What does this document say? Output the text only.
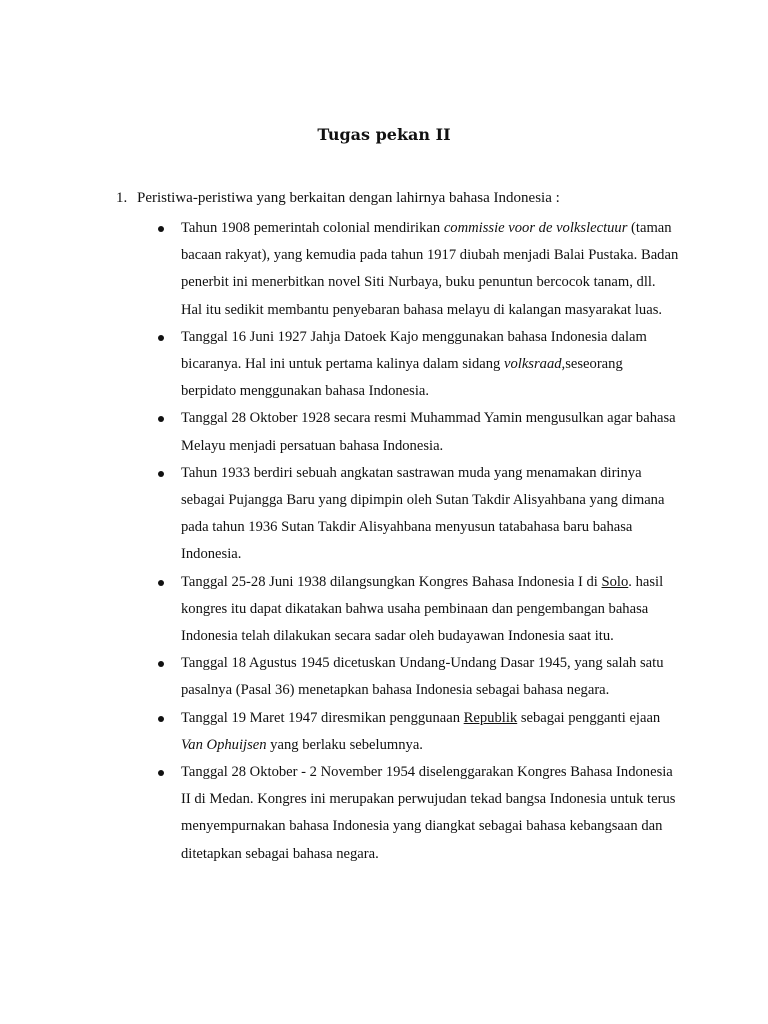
Tugas pekan II
1. Peristiwa-peristiwa yang berkaitan dengan lahirnya bahasa Indonesia :
Tahun 1908 pemerintah colonial mendirikan commissie voor de volkslectuur (taman bacaan rakyat), yang kemudia pada tahun 1917 diubah menjadi Balai Pustaka. Badan penerbit ini menerbitkan novel Siti Nurbaya, buku penuntun bercocok tanam, dll. Hal itu sedikit membantu penyebaran bahasa melayu di kalangan masyarakat luas.
Tanggal 16 Juni 1927 Jahja Datoek Kajo menggunakan bahasa Indonesia dalam bicaranya. Hal ini untuk pertama kalinya dalam sidang volksraad,seseorang berpidato menggunakan bahasa Indonesia.
Tanggal 28 Oktober 1928 secara resmi Muhammad Yamin mengusulkan agar bahasa Melayu menjadi persatuan bahasa Indonesia.
Tahun 1933 berdiri sebuah angkatan sastrawan muda yang menamakan dirinya sebagai Pujangga Baru yang dipimpin oleh Sutan Takdir Alisyahbana yang dimana pada tahun 1936 Sutan Takdir Alisyahbana menyusun tatabahasa baru bahasa Indonesia.
Tanggal 25-28 Juni 1938 dilangsungkan Kongres Bahasa Indonesia I di Solo. hasil kongres itu dapat dikatakan bahwa usaha pembinaan dan pengembangan bahasa Indonesia telah dilakukan secara sadar oleh budayawan Indonesia saat itu.
Tanggal 18 Agustus 1945 dicetuskan Undang-Undang Dasar 1945, yang salah satu pasalnya (Pasal 36) menetapkan bahasa Indonesia sebagai bahasa negara.
Tanggal 19 Maret 1947 diresmikan penggunaan Republik sebagai pengganti ejaan Van Ophuijsen yang berlaku sebelumnya.
Tanggal 28 Oktober - 2 November 1954 diselenggarakan Kongres Bahasa Indonesia II di Medan. Kongres ini merupakan perwujudan tekad bangsa Indonesia untuk terus menyempurnakan bahasa Indonesia yang diangkat sebagai bahasa kebangsaan dan ditetapkan sebagai bahasa negara.
